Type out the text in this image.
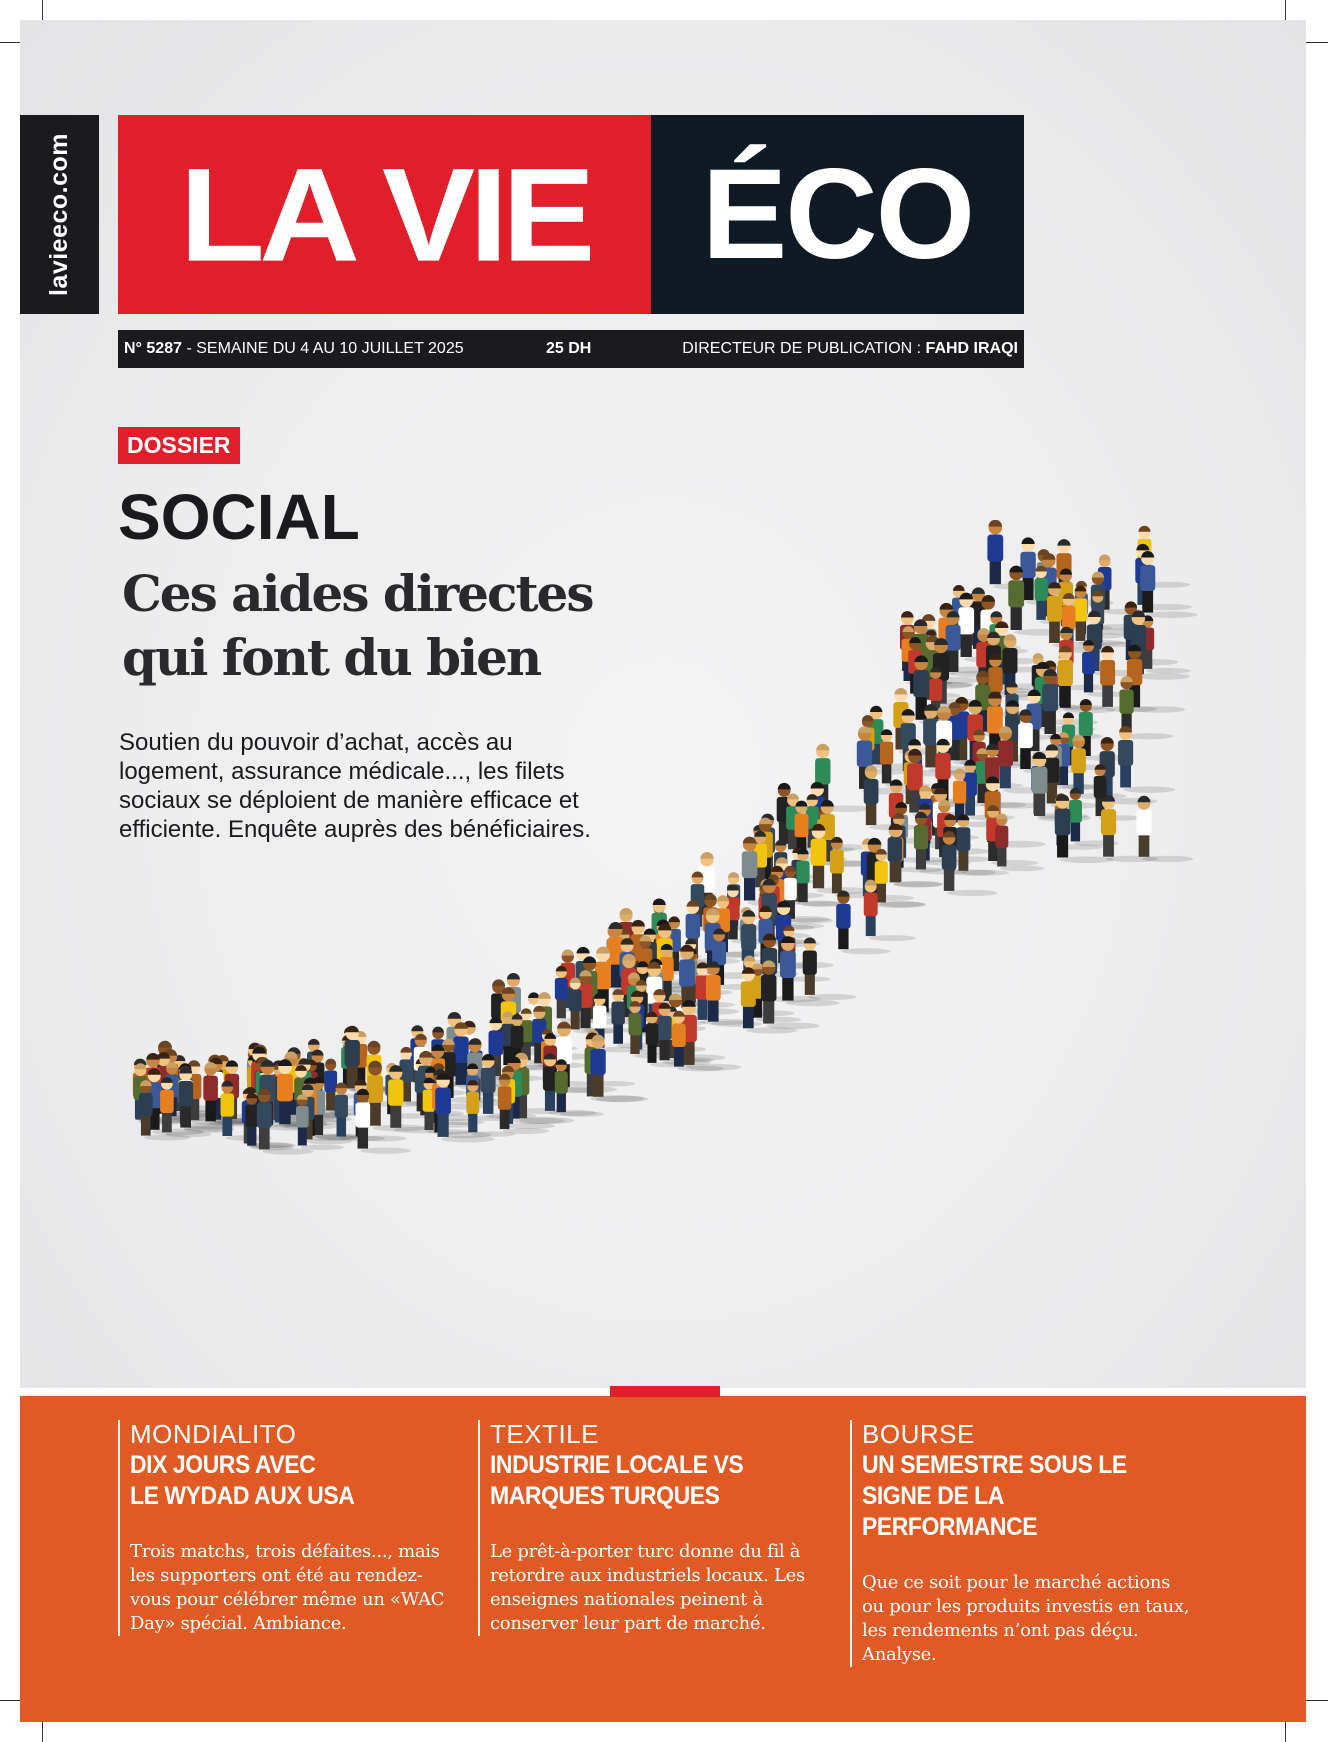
lavieeco.com LA VIE ÉCO
N° 5287 - SEMAINE DU 4 AU 10 JUILLET 2025	25 DH	DIRECTEUR DE PUBLICATION : FAHD IRAQI
DOSSIER
SOCIAL
Ces aides directes
qui font du bien
Soutien du pouvoir d’achat, accès au logement, assurance médicale..., les filets sociaux se déploient de manière efficace et efficiente. Enquête auprès des bénéficiaires.
MONDIALITO
DIX JOURS AVEC
LE WYDAD AUX USA
Trois matchs, trois défaites..., mais les supporters ont été au rendez-vous pour célébrer même un «WAC Day» spécial. Ambiance.
TEXTILE
INDUSTRIE LOCALE VS
MARQUES TURQUES
Le prêt-à-porter turc donne du fil à retordre aux industriels locaux. Les enseignes nationales peinent à conserver leur part de marché.
BOURSE
UN SEMESTRE SOUS LE
SIGNE DE LA PERFORMANCE
Que ce soit pour le marché actions ou pour les produits investis en taux, les rendements n’ont pas déçu. Analyse.
